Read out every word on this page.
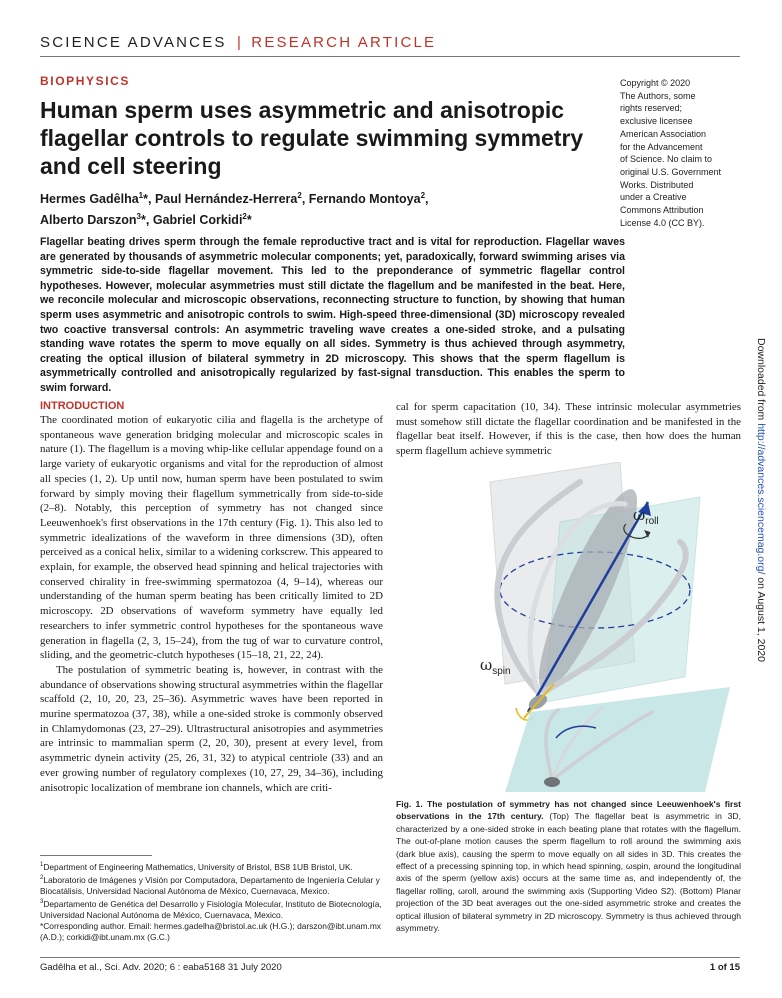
SCIENCE ADVANCES | RESEARCH ARTICLE
BIOPHYSICS
Human sperm uses asymmetric and anisotropic flagellar controls to regulate swimming symmetry and cell steering
Copyright © 2020
The Authors, some
rights reserved;
exclusive licensee
American Association
for the Advancement
of Science. No claim to
original U.S. Government
Works. Distributed
under a Creative
Commons Attribution
License 4.0 (CC BY).
Hermes Gadêlha$^1$*, Paul Hernández-Herrera$^2$, Fernando Montoya$^2$,
Alberto Darszon$^3$*, Gabriel Corkidi$^2$*

Flagellar beating drives sperm through the female reproductive tract and is vital for reproduction. Flagellar waves are generated by thousands of asymmetric molecular components; yet, paradoxically, forward swimming arises via symmetric side-to-side flagellar movement. This led to the preponderance of symmetric flagellar control hypotheses. However, molecular asymmetries must still dictate the flagellum and be manifested in the beat. Here, we reconcile molecular and microscopic observations, reconnecting structure to function, by showing that human sperm uses asymmetric and anisotropic controls to swim. High-speed three-dimensional (3D) microscopy revealed two coactive transversal controls: An asymmetric traveling wave creates a one-sided stroke, and a pulsating standing wave rotates the sperm to move equally on all sides. Symmetry is thus achieved through asymmetry, creating the optical illusion of bilateral symmetry in 2D microscopy. This shows that the sperm flagellum is asymmetrically controlled and anisotropically regularized by fast-signal transduction. This enables the sperm to swim forward.	Downloaded from http://advances.sciencemag.org/ on August 1, 2020
INTRODUCTION

The coordinated motion of eukaryotic cilia and flagella is the archetype of spontaneous wave generation bridging molecular and microscopic scales in nature (1). The flagellum is a moving whip-like cellular appendage found on a large variety of eukaryotic organisms and vital for the reproduction of almost all species (1, 2). Up until now, human sperm have been postulated to swim forward by simply moving their flagellum symmetrically from side-to-side (2–8). Notably, this perception of symmetry has not changed since Leeuwenhoek's first observations in the 17th century (Fig. 1). This also led to symmetric idealizations of the waveform in three dimensions (3D), often perceived as a conical helix, similar to a widening corkscrew. This appeared to explain, for example, the observed head spinning and helical trajectories with conserved chirality in free-swimming spermatozoa (4, 9–14), whereas our understanding of the human sperm beating has been critically limited to 2D microscopy. 2D observations of waveform symmetry have equally led researchers to infer symmetric control hypotheses for the spontaneous wave generation in flagella (2, 3, 15–24), from the tug of war to curvature control, sliding, and the geometric-clutch hypotheses (15–18, 21, 22, 24).

The postulation of symmetric beating is, however, in contrast with the abundance of observations showing structural asymmetries within the flagellar scaffold (2, 10, 20, 23, 25–36). Asymmetric waves have been reported in murine spermatozoa (37, 38), while a one-sided stroke is commonly observed in Chlamydomonas (23, 27–29). Ultrastructural anisotropies and asymmetries are intrinsic to mammalian sperm (2, 20, 30), present at every level, from asymmetric dynein activity (25, 26, 31, 32) to atypical centriole (33) and an ever growing number of regulatory complexes (10, 27, 29, 34–36), including anisotropic localization of membrane ion channels, which are criti-

cal for sperm capacitation (10, 34). These intrinsic molecular asymmetries must somehow still dictate the flagellar coordination and be manifested in the flagellar beat itself. However, if this is the case, then how does the human sperm flagellum achieve symmetric

$\omega_{roll}$
$\omega_{spin}$

Fig. 1. The postulation of symmetry has not changed since Leeuwenhoek's first observations in the 17th century. (Top) The flagellar beat is asymmetric in 3D, characterized by a one-sided stroke in each beating plane that rotates with the flagellum. The out-of-plane motion causes the sperm flagellum to roll around the swimming axis (dark blue axis), causing the sperm to move equally on all sides in 3D. This creates the effect of a precessing spinning top, in which head spinning, ωspin, around the longitudinal axis of the sperm (yellow axis) occurs at the same time as, and independently of, the flagellar rolling, ωroll, around the swimming axis (Supporting Video S2). (Bottom) Planar projection of the 3D beat averages out the one-sided asymmetric stroke and creates the optical illusion of bilateral symmetry in 2D microscopy. Symmetry is thus achieved through asymmetry.

$^1$Department of Engineering Mathematics, University of Bristol, BS8 1UB Bristol, UK.
$^2$Laboratorio de Imágenes y Visión por Computadora, Departamento de Ingeniería Celular y Biocatálisis, Universidad Nacional Autónoma de México, Cuernavaca, Mexico.
$^3$Departamento de Genética del Desarrollo y Fisiología Molecular, Instituto de Biotecnología, Universidad Nacional Autónoma de México, Cuernavaca, Mexico.
*Corresponding author. Email: hermes.gadelha@bristol.ac.uk (H.G.); darszon@ibt.unam.mx (A.D.); corkidi@ibt.unam.mx (G.C.)
Gadêlha et al., Sci. Adv. 2020; 6 : eaba5168 31 July 2020	1 of 15
